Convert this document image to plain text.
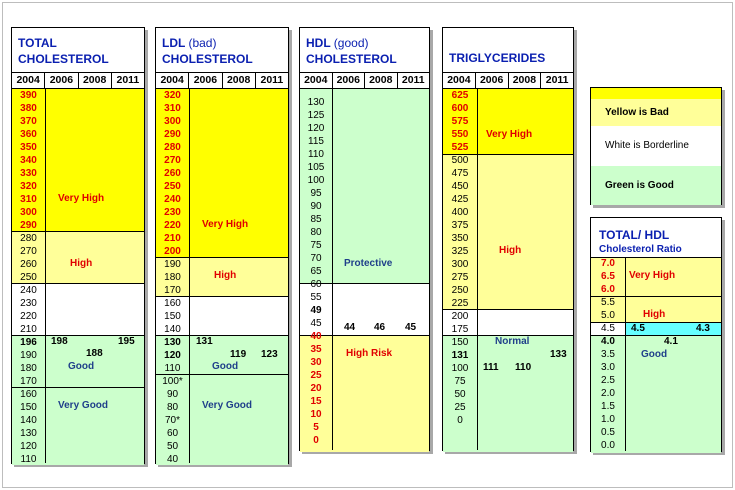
TOTAL
CHOLESTEROL
2004 2006 2008 2011
390
380
370
360
350
340
330
320
310
300
290
280
270
260
250
240
230
220
210
196
190
180
170
160
150
140
130
120
110
Very High
High
Good
Very Good
198
188
195
LDL (bad)
CHOLESTEROL
2004 2006 2008 2011
320
310
300
290
280
270
260
250
240
230
220
210
200
190
180
170
160
150
140
130
120
110
100*
90
80
70*
60
50
40
Very High
High
Good
Very Good
131
119 123
HDL (good)
CHOLESTEROL
2004 2006 2008 2011
130
125
120
115
110
105
100
95
90
85
80
75
70
65
60
55
49
45
40
35
30
25
20
15
10
5
0
Protective
High Risk
44 46 45
TRIGLYCERIDES
2004 2006 2008 2011
625
600
575
550
525
500
475
450
425
400
375
350
325
300
275
250
225
200
175
150
131
100
75
50
25
0
Very High
High
Normal
111 110
133
Yellow is Bad
White is Borderline
Green is Good
TOTAL/ HDL
Cholesterol Ratio
7.0
6.5
6.0
5.5
5.0
4.5
4.0
3.5
3.0
2.5
2.0
1.5
1.0
0.5
0.0
Very High
High
Good
4.5
4.1
4.3
